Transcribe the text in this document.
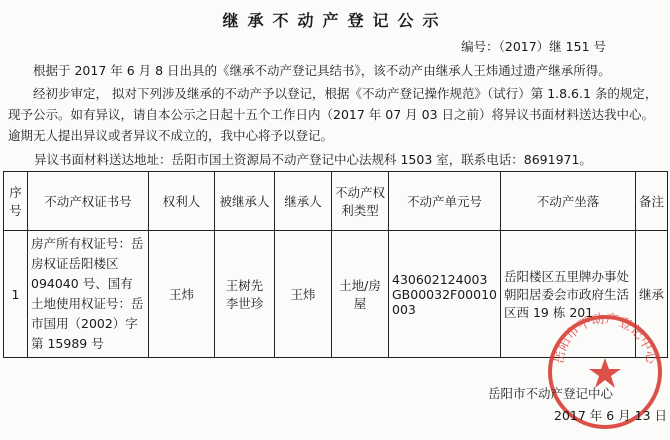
继承不动产登记公示
编号：（2017）继 151 号

根据于 2017 年 6 月 8 日出具的《继承不动产登记具结书》，该不动产由继承人王炜通过遗产继承所得。

经初步审定， 拟对下列涉及继承的不动产予以登记，根据《不动产登记操作规范》（试行）第 1.8.6.1 条的规定，现予公示。如有异议，请自本公示之日起十五个工作日内（2017 年 07 月 03 日之前）将异议书面材料送达我中心。逾期无人提出异议或者异议不成立的，我中心将予以登记。

异议书面材料送达地址：岳阳市国土资源局不动产登记中心法规科 1503 室，联系电话：8691971。
序号	不动产权证书号	权利人	被继承人	继承人	不动产权利类型	不动产单元号	不动产坐落	备注
1	房产所有权证号：岳房权证岳阳楼区 094040 号、国有土地使用权证号：岳市国用（2002）字第 15989 号	王炜	王树先 李世珍	王炜	土地/房屋	430602124003GB00032F00010003	岳阳楼区五里牌办事处朝阳居委会市政府生活区西 19 栋 201	继承
岳阳市不动产登记中心
岳阳市不动产登记中心
2017 年 6 月 13 日
